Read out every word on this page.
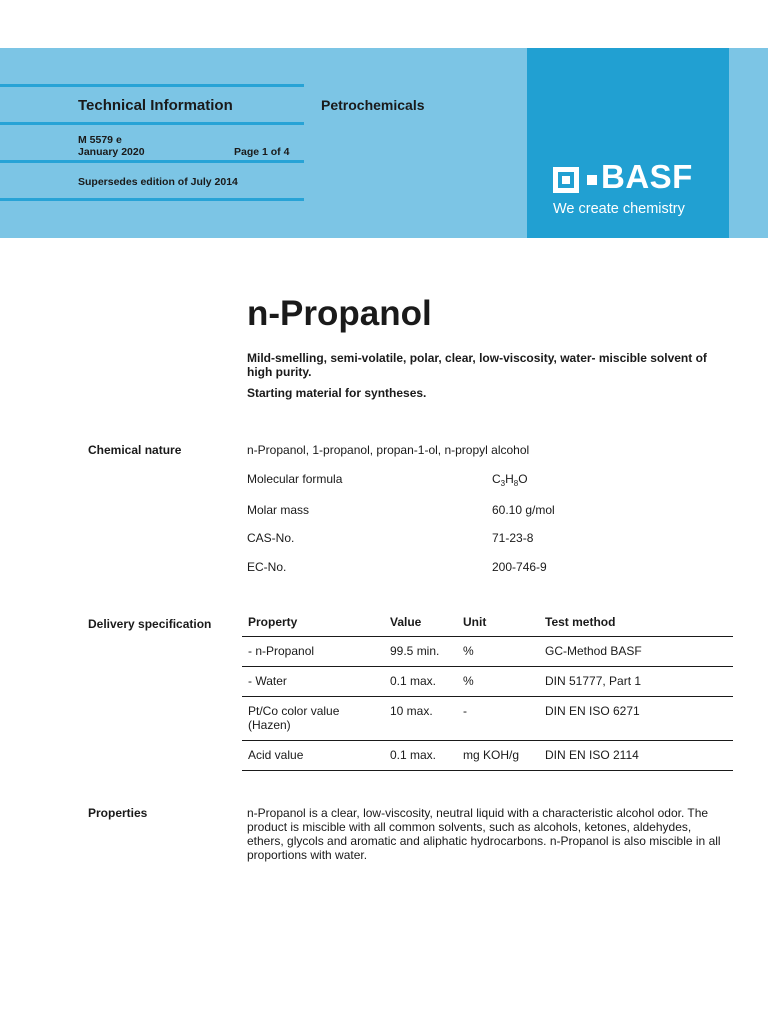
Technical Information	Petrochemicals
M 5579 e
January 2020	Page 1 of 4
Supersedes edition of July 2014	BASF
We create chemistry
n-Propanol
Mild-smelling, semi-volatile, polar, clear, low-viscosity, water- miscible solvent of high purity.
Starting material for syntheses.
Chemical nature	n-Propanol, 1-propanol, propan-1-ol, n-propyl alcohol
Molecular formula	$C_3H_8O$
Molar mass	60.10 g/mol
CAS-No.	71-23-8
EC-No.	200-746-9
Delivery specification	Property	Value	Unit	Test method
- n-Propanol	99.5 min.	%	GC-Method BASF
- Water	0.1 max.	%	DIN 51777, Part 1
Pt/Co color value (Hazen)	10 max.	-	DIN EN ISO 6271
Acid value	0.1 max.	mg KOH/g	DIN EN ISO 2114
Properties	n-Propanol is a clear, low-viscosity, neutral liquid with a characteristic alcohol odor. The product is miscible with all common solvents, such as alcohols, ketones, aldehydes, ethers, glycols and aromatic and aliphatic hydrocarbons. n-Propanol is also miscible in all proportions with water.
